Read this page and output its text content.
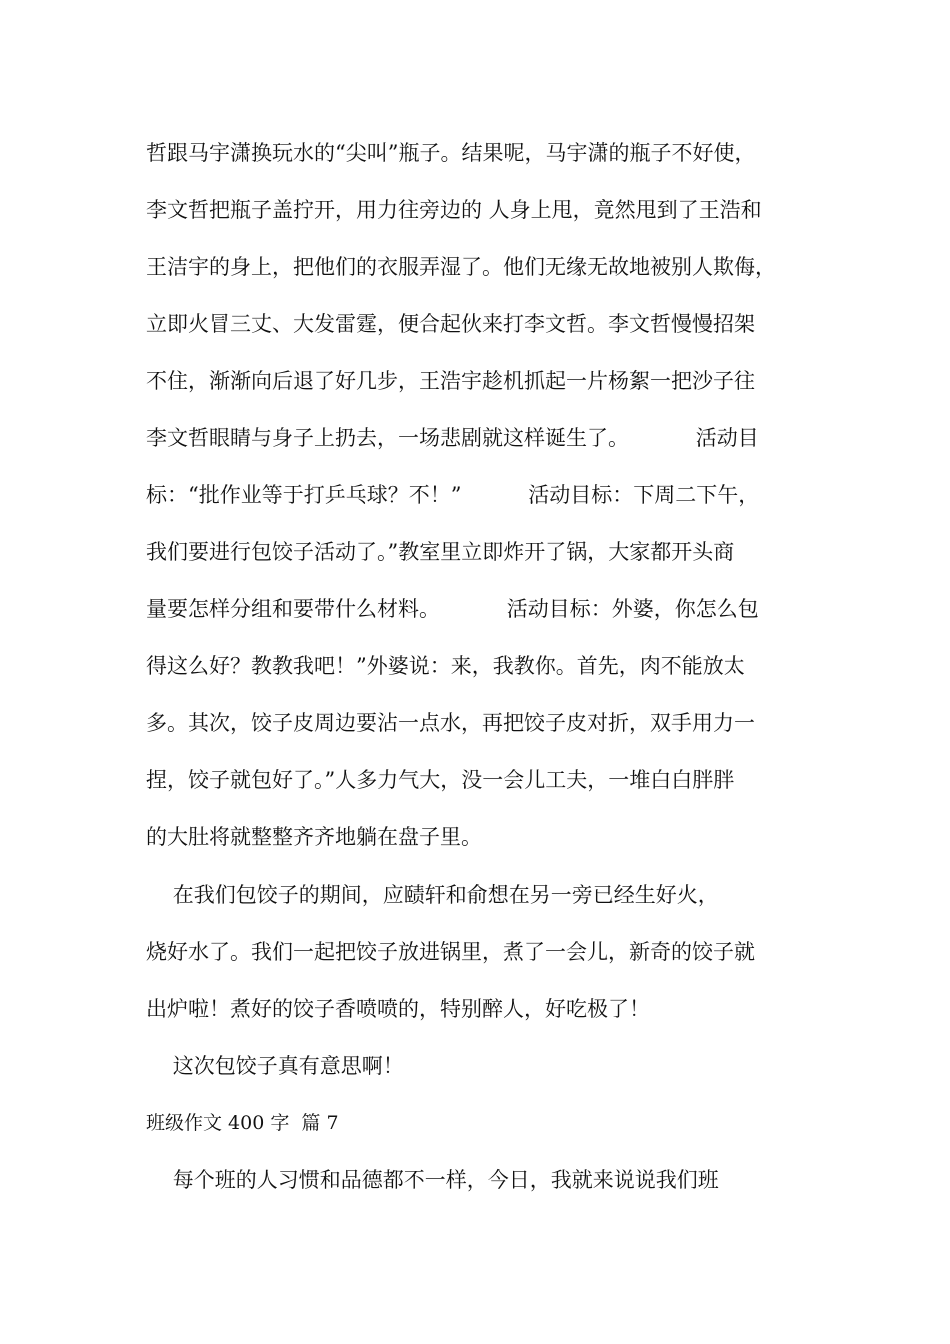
哲跟马宇潇换玩水的“尖叫”瓶子。结果呢，马宇潇的瓶子不好使，
李文哲把瓶子盖拧开，用力往旁边的 人身上甩，竟然甩到了王浩和
王洁宇的身上，把他们的衣服弄湿了。他们无缘无故地被别人欺侮，
立即火冒三丈、大发雷霆，便合起伙来打李文哲。李文哲慢慢招架
不住，渐渐向后退了好几步，王浩宇趁机抓起一片杨絮一把沙子往
李文哲眼睛与身子上扔去，一场悲剧就这样诞生了。          活动目
标：“批作业等于打乒乓球？不！”          活动目标：下周二下午，
我们要进行包饺子活动了。”教室里立即炸开了锅，大家都开头商
量要怎样分组和要带什么材料。          活动目标：外婆，你怎么包
得这么好？教教我吧！”外婆说：来，我教你。首先，肉不能放太
多。其次，饺子皮周边要沾一点水，再把饺子皮对折，双手用力一
捏，饺子就包好了。”人多力气大，没一会儿工夫，一堆白白胖胖
的大肚将就整整齐齐地躺在盘子里。
在我们包饺子的期间，应赜轩和俞想在另一旁已经生好火，
烧好水了。我们一起把饺子放进锅里，煮了一会儿，新奇的饺子就
出炉啦！煮好的饺子香喷喷的，特别醉人，好吃极了！
这次包饺子真有意思啊！
班级作文 400 字  篇 7
每个班的人习惯和品德都不一样，今日，我就来说说我们班
